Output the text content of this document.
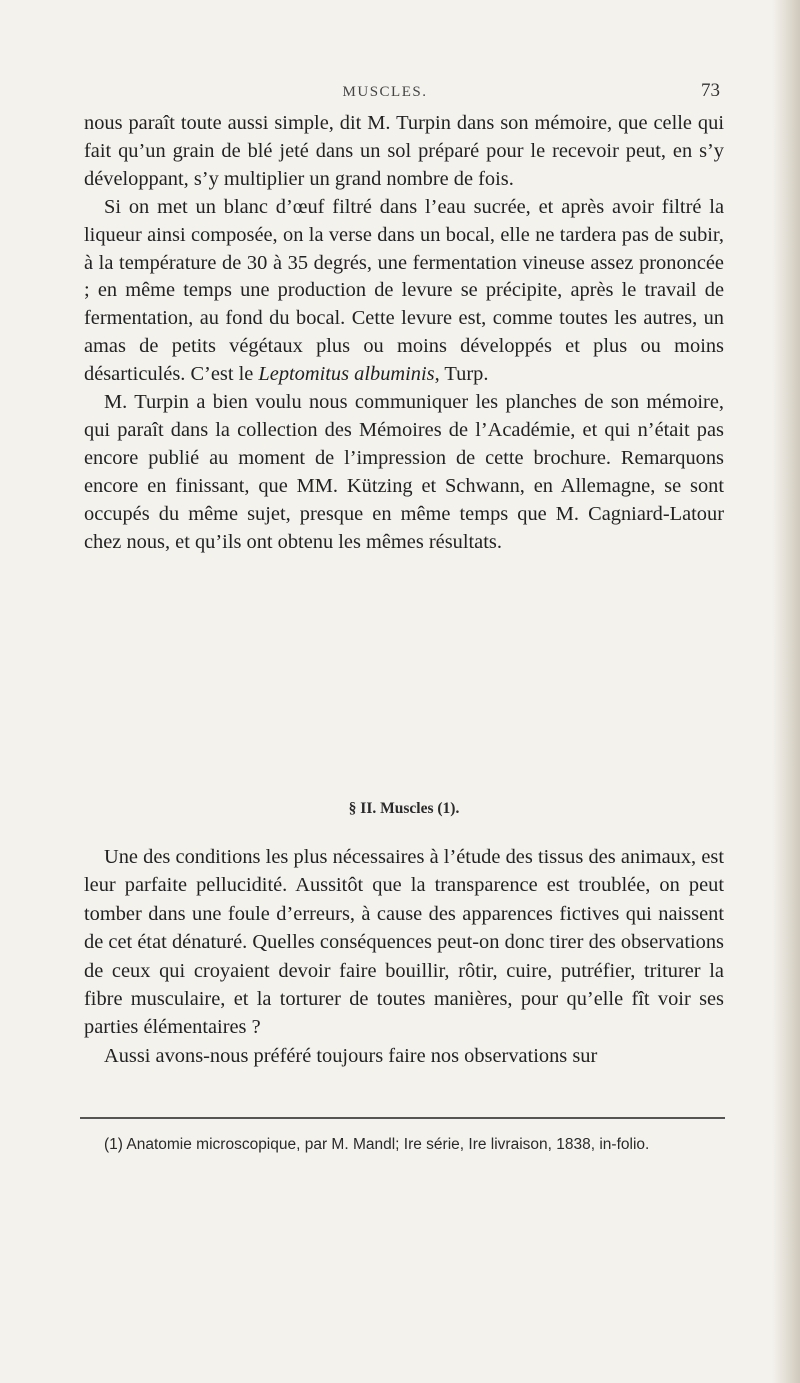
MUSCLES.	73

nous paraît toute aussi simple, dit M. Turpin dans son mémoire, que celle qui fait qu’un grain de blé jeté dans un sol préparé pour le recevoir peut, en s’y développant, s’y multiplier un grand nombre de fois.

Si on met un blanc d’œuf filtré dans l’eau sucrée, et après avoir filtré la liqueur ainsi composée, on la verse dans un bocal, elle ne tardera pas de subir, à la température de 30 à 35 degrés, une fermentation vineuse assez prononcée ; en même temps une production de levure se précipite, après le travail de fermentation, au fond du bocal. Cette levure est, comme toutes les autres, un amas de petits végétaux plus ou moins développés et plus ou moins désarticulés. C’est le Leptomitus albuminis, Turp.

M. Turpin a bien voulu nous communiquer les planches de son mémoire, qui paraît dans la collection des Mémoires de l’Académie, et qui n’était pas encore publié au moment de l’impression de cette brochure. Remarquons encore en finissant, que MM. Kützing et Schwann, en Allemagne, se sont occupés du même sujet, presque en même temps que M. Cagniard-Latour chez nous, et qu’ils ont obtenu les mêmes résultats.

§ II. Muscles (1).

Une des conditions les plus nécessaires à l’étude des tissus des animaux, est leur parfaite pellucidité. Aussitôt que la transparence est troublée, on peut tomber dans une foule d’erreurs, à cause des apparences fictives qui naissent de cet état dénaturé. Quelles conséquences peut-on donc tirer des observations de ceux qui croyaient devoir faire bouillir, rôtir, cuire, putréfier, triturer la fibre musculaire, et la torturer de toutes manières, pour qu’elle fît voir ses parties élémentaires ?

Aussi avons-nous préféré toujours faire nos observations sur

(1) Anatomie microscopique, par M. Mandl; Ire série, Ire livraison, 1838, in-folio.
